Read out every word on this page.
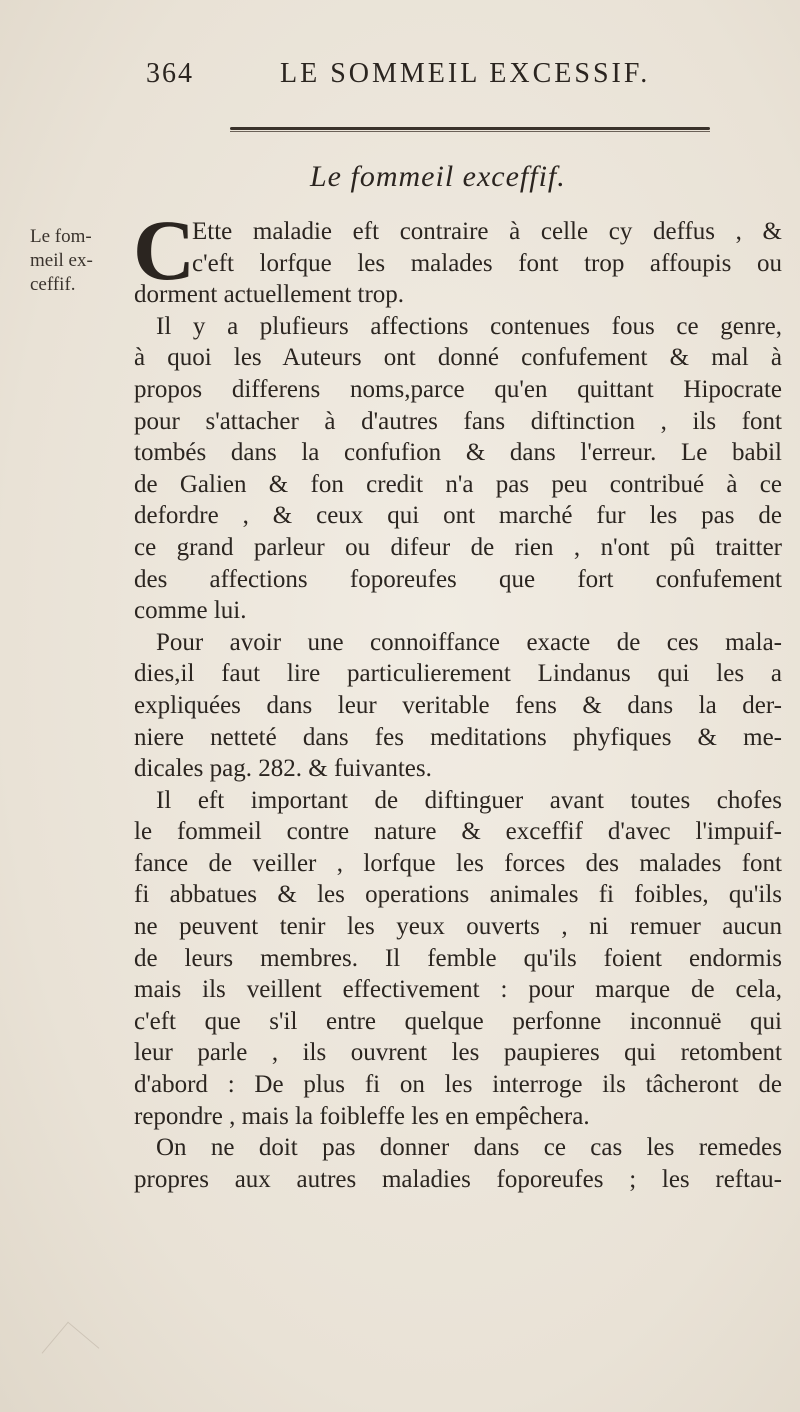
364	LE SOMMEIL EXCESSIF.
Le fommeil exceffif.
Le fom-
meil ex-
ceffif. C
Ette maladie eft contraire à celle cy deffus , &
c'eft lorfque les malades font trop affoupis ou
dorment actuellement trop.
Il y a plufieurs affections contenues fous ce genre,
à quoi les Auteurs ont donné confufement & mal à
propos differens noms,parce qu'en quittant Hipocrate
pour s'attacher à d'autres fans diftinction , ils font
tombés dans la confufion & dans l'erreur. Le babil
de Galien & fon credit n'a pas peu contribué à ce
defordre , & ceux qui ont marché fur les pas de
ce grand parleur ou difeur de rien , n'ont pû traitter
des affections foporeufes que fort confufement
comme lui.
Pour avoir une connoiffance exacte de ces mala-
dies,il faut lire particulierement Lindanus qui les a
expliquées dans leur veritable fens & dans la der-
niere netteté dans fes meditations phyfiques & me-
dicales pag. 282. & fuivantes.
Il eft important de diftinguer avant toutes chofes
le fommeil contre nature & exceffif d'avec l'impuif-
fance de veiller , lorfque les forces des malades font
fi abbatues & les operations animales fi foibles, qu'ils
ne peuvent tenir les yeux ouverts , ni remuer aucun
de leurs membres. Il femble qu'ils foient endormis
mais ils veillent effectivement : pour marque de cela,
c'eft que s'il entre quelque perfonne inconnuë qui
leur parle , ils ouvrent les paupieres qui retombent
d'abord : De plus fi on les interroge ils tâcheront de
repondre , mais la foibleffe les en empêchera.
On ne doit pas donner dans ce cas les remedes
propres aux autres maladies foporeufes ; les reftau-
